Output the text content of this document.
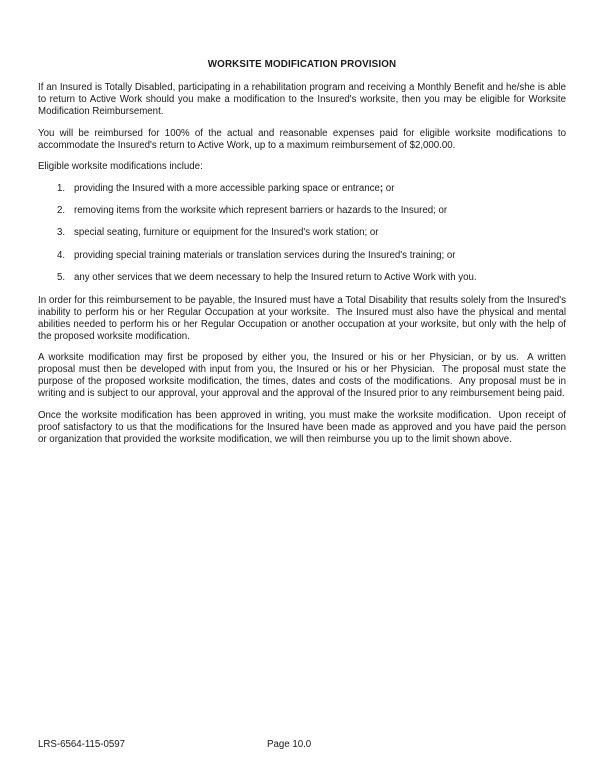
WORKSITE MODIFICATION PROVISION

If an Insured is Totally Disabled, participating in a rehabilitation program and receiving a Monthly Benefit and he/she is able to return to Active Work should you make a modification to the Insured's worksite, then you may be eligible for Worksite Modification Reimbursement.

You will be reimbursed for 100% of the actual and reasonable expenses paid for eligible worksite modifications to accommodate the Insured's return to Active Work, up to a maximum reimbursement of $2,000.00.

Eligible worksite modifications include:

1. providing the Insured with a more accessible parking space or entrance; or
2. removing items from the worksite which represent barriers or hazards to the Insured; or
3. special seating, furniture or equipment for the Insured's work station; or
4. providing special training materials or translation services during the Insured's training; or
5. any other services that we deem necessary to help the Insured return to Active Work with you.

In order for this reimbursement to be payable, the Insured must have a Total Disability that results solely from the Insured's inability to perform his or her Regular Occupation at your worksite.  The Insured must also have the physical and mental abilities needed to perform his or her Regular Occupation or another occupation at your worksite, but only with the help of the proposed worksite modification.

A worksite modification may first be proposed by either you, the Insured or his or her Physician, or by us.  A written proposal must then be developed with input from you, the Insured or his or her Physician.  The proposal must state the purpose of the proposed worksite modification, the times, dates and costs of the modifications.  Any proposal must be in writing and is subject to our approval, your approval and the approval of the Insured prior to any reimbursement being paid.

Once the worksite modification has been approved in writing, you must make the worksite modification.  Upon receipt of proof satisfactory to us that the modifications for the Insured have been made as approved and you have paid the person or organization that provided the worksite modification, we will then reimburse you up to the limit shown above.

LRS-6564-115-0597	Page 10.0
